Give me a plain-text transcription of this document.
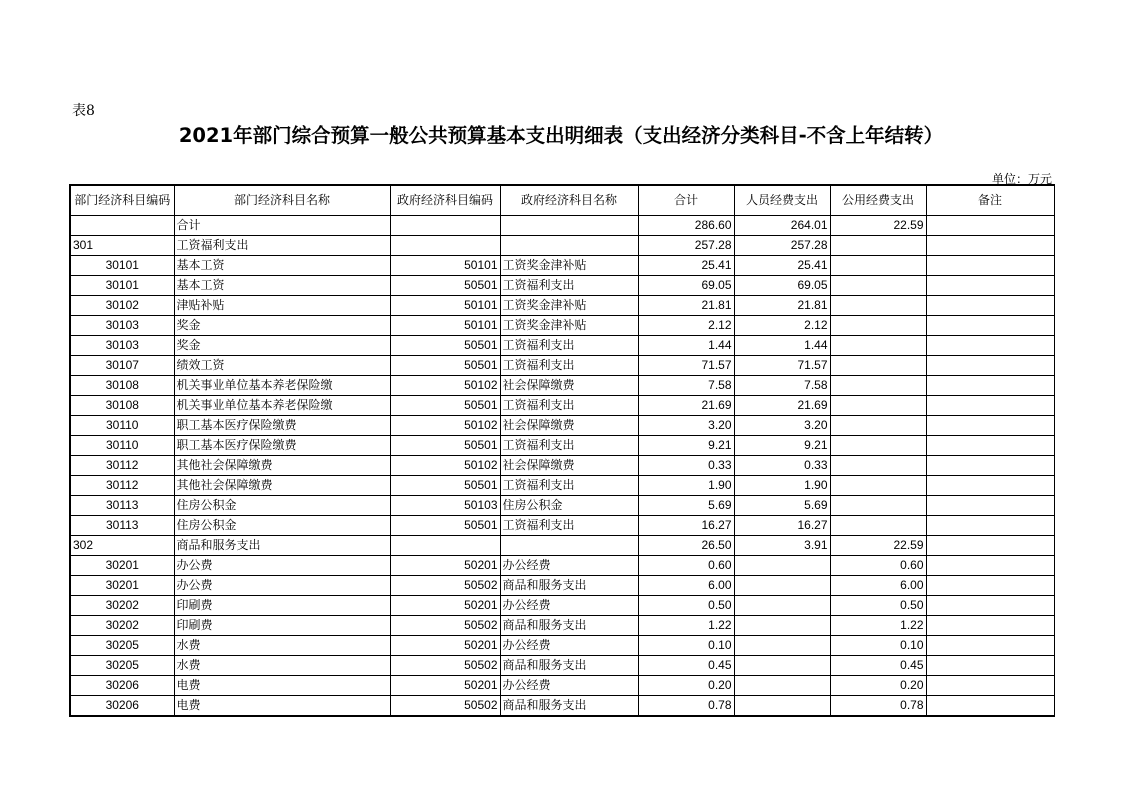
表8
2021年部门综合预算一般公共预算基本支出明细表（支出经济分类科目-不含上年结转）
单位：万元
部门经济科目编码	部门经济科目名称	政府经济科目编码	政府经济科目名称	合计	人员经费支出	公用经费支出	备注
	合计			286.60	264.01	22.59	
301	工资福利支出			257.28	257.28		
30101	基本工资	50101	工资奖金津补贴	25.41	25.41		
30101	基本工资	50501	工资福利支出	69.05	69.05		
30102	津贴补贴	50101	工资奖金津补贴	21.81	21.81		
30103	奖金	50101	工资奖金津补贴	2.12	2.12		
30103	奖金	50501	工资福利支出	1.44	1.44		
30107	绩效工资	50501	工资福利支出	71.57	71.57		
30108	机关事业单位基本养老保险缴	50102	社会保障缴费	7.58	7.58		
30108	机关事业单位基本养老保险缴	50501	工资福利支出	21.69	21.69		
30110	职工基本医疗保险缴费	50102	社会保障缴费	3.20	3.20		
30110	职工基本医疗保险缴费	50501	工资福利支出	9.21	9.21		
30112	其他社会保障缴费	50102	社会保障缴费	0.33	0.33		
30112	其他社会保障缴费	50501	工资福利支出	1.90	1.90		
30113	住房公积金	50103	住房公积金	5.69	5.69		
30113	住房公积金	50501	工资福利支出	16.27	16.27		
302	商品和服务支出			26.50	3.91	22.59	
30201	办公费	50201	办公经费	0.60		0.60	
30201	办公费	50502	商品和服务支出	6.00		6.00	
30202	印刷费	50201	办公经费	0.50		0.50	
30202	印刷费	50502	商品和服务支出	1.22		1.22	
30205	水费	50201	办公经费	0.10		0.10	
30205	水费	50502	商品和服务支出	0.45		0.45	
30206	电费	50201	办公经费	0.20		0.20	
30206	电费	50502	商品和服务支出	0.78		0.78	
